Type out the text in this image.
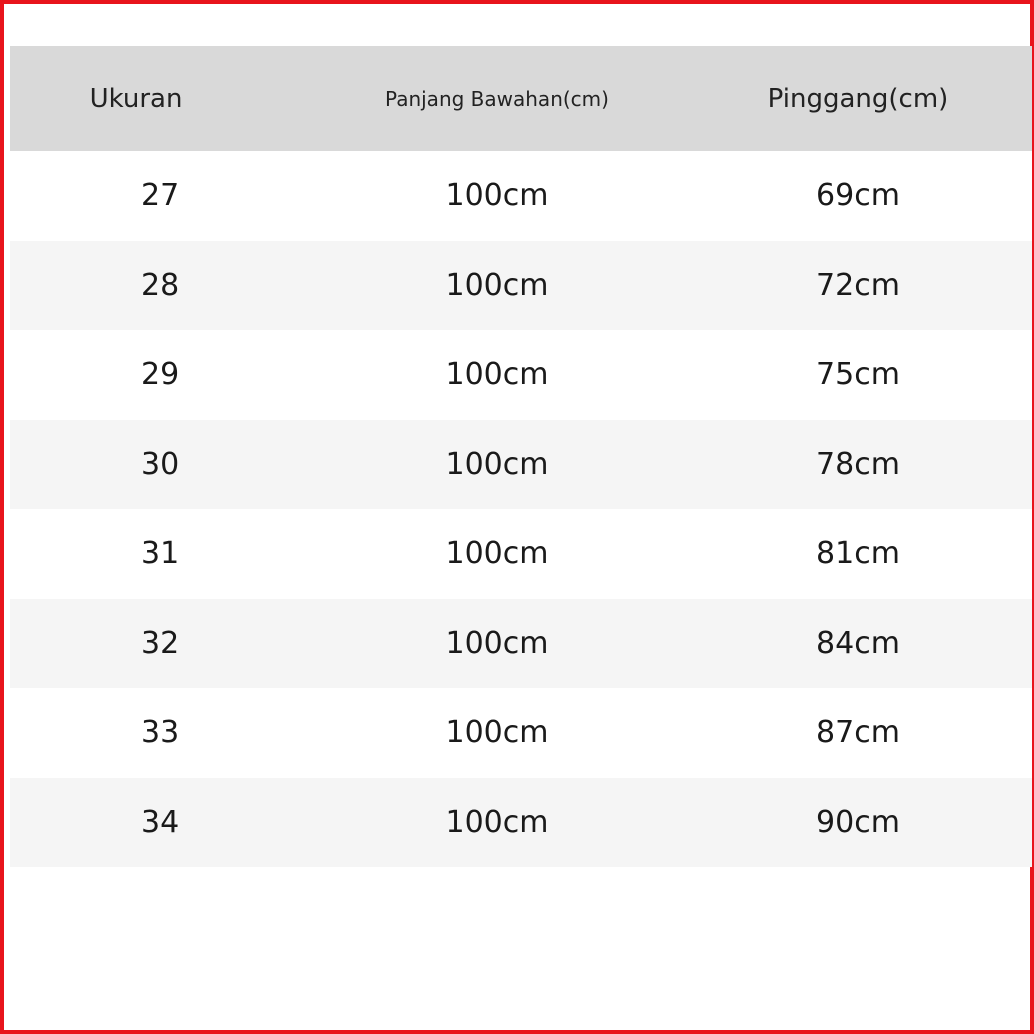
Ukuran	Panjang Bawahan(cm)	Pinggang(cm)
27	100cm	69cm
28	100cm	72cm
29	100cm	75cm
30	100cm	78cm
31	100cm	81cm
32	100cm	84cm
33	100cm	87cm
34	100cm	90cm
